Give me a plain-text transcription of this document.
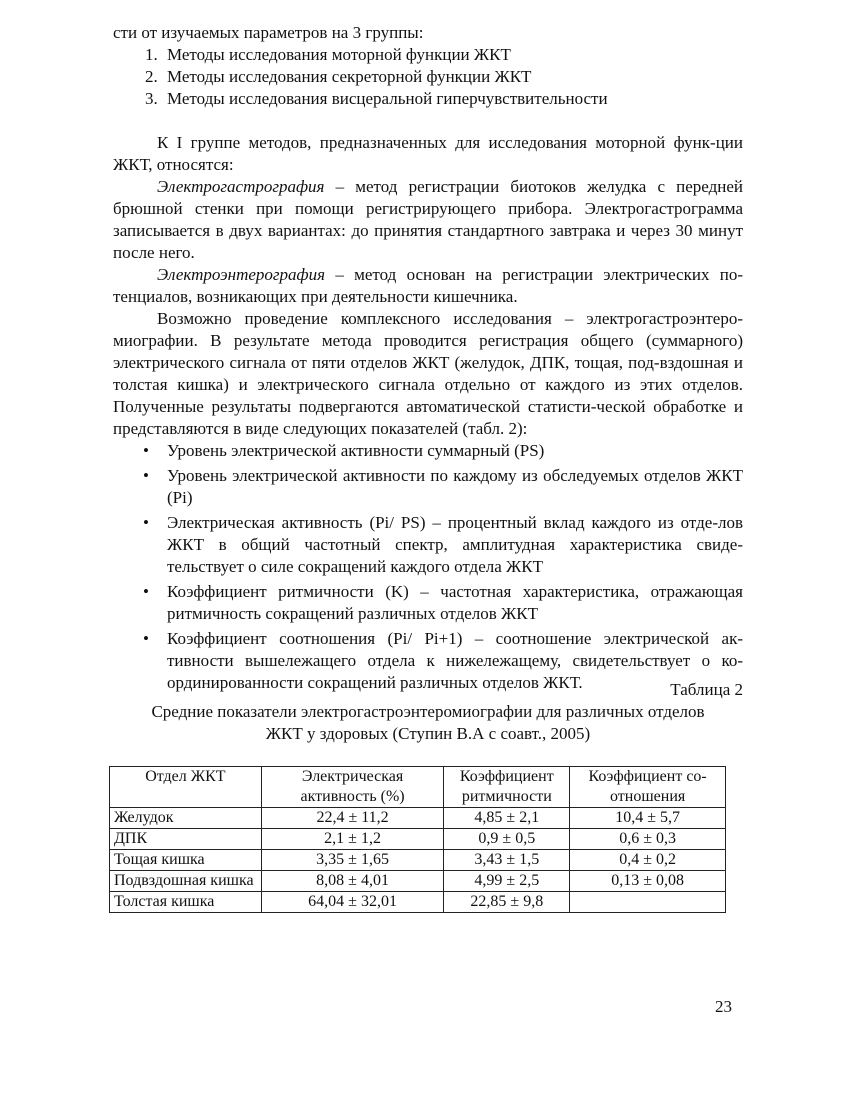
сти от изучаемых параметров на 3 группы:

1. Методы исследования моторной функции ЖКТ
2. Методы исследования секреторной функции ЖКТ
3. Методы исследования висцеральной гиперчувствительности

К I группе методов, предназначенных для исследования моторной функ-ции ЖКТ, относятся:

Электрогастрография – метод регистрации биотоков желудка с передней брюшной стенки при помощи регистрирующего прибора. Электрогастрограмма записывается в двух вариантах: до принятия стандартного завтрака и через 30 минут после него.

Электроэнтерография – метод основан на регистрации электрических по-тенциалов, возникающих при деятельности кишечника.

Возможно проведение комплексного исследования – электрогастроэнтеро-миографии. В результате метода проводится регистрация общего (суммарного) электрического сигнала от пяти отделов ЖКТ (желудок, ДПК, тощая, под-вздошная и толстая кишка) и электрического сигнала отдельно от каждого из этих отделов. Полученные результаты подвергаются автоматической статисти-ческой обработке и представляются в виде следующих показателей (табл. 2):

• Уровень электрической активности суммарный (PS)
• Уровень электрической активности по каждому из обследуемых отделов ЖКТ (Pi)
• Электрическая активность (Pi/ PS) – процентный вклад каждого из отде-лов ЖКТ в общий частотный спектр, амплитудная характеристика свиде-тельствует о силе сокращений каждого отдела ЖКТ
• Коэффициент ритмичности (K) – частотная характеристика, отражающая ритмичность сокращений различных отделов ЖКТ
• Коэффициент соотношения (Pi/ Pi+1) – соотношение электрической ак-тивности вышележащего отдела к нижележащему, свидетельствует о ко-ординированности сокращений различных отделов ЖКТ.	Таблица 2

Средние показатели электрогастроэнтеромиографии для различных отделов

ЖКТ у здоровых (Ступин В.А с соавт., 2005)

Отдел ЖКТ	Электрическая активность (%)	Коэффициент ритмичности	Коэффициент со-отношения
Желудок	22,4 ± 11,2	4,85 ± 2,1	10,4 ± 5,7
ДПК	2,1 ± 1,2	0,9 ± 0,5	0,6 ± 0,3
Тощая кишка	3,35 ± 1,65	3,43 ± 1,5	0,4 ± 0,2
Подвздошная кишка	8,08 ± 4,01	4,99 ± 2,5	0,13 ± 0,08
Толстая кишка	64,04 ± 32,01	22,85 ± 9,8	
23
